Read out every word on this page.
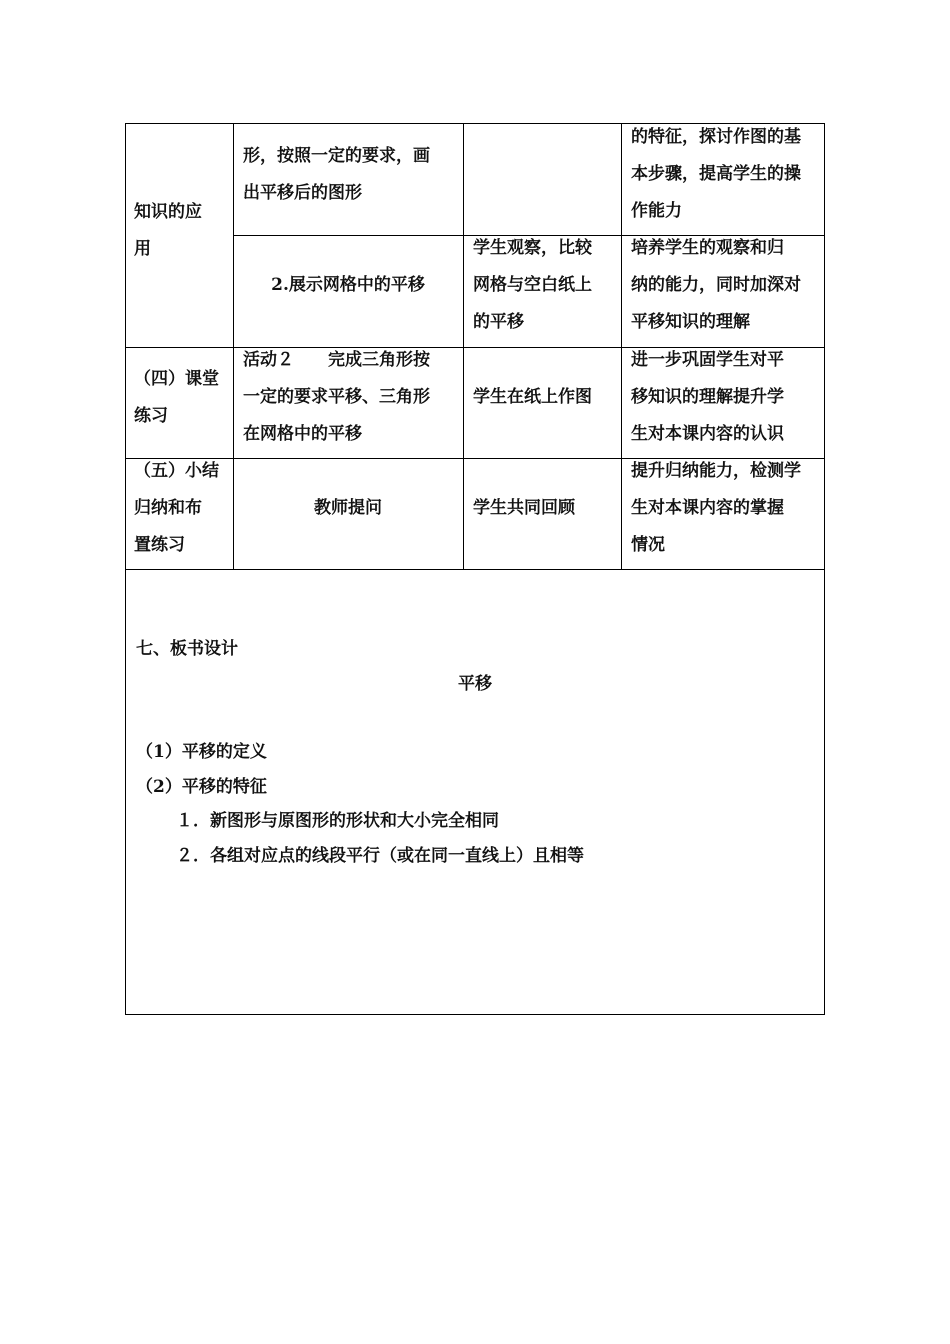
知识的应
用
形，按照一定的要求，画
出平移后的图形
的特征，探讨作图的基
本步骤，提高学生的操
作能力
2.展示网格中的平移
学生观察，比较
网格与空白纸上
的平移
培养学生的观察和归
纳的能力，同时加深对
平移知识的理解
（四）课堂
练习
活动２　　完成三角形按
一定的要求平移、三角形
在网格中的平移
学生在纸上作图
进一步巩固学生对平
移知识的理解提升学
生对本课内容的认识
（五）小结
归纳和布
置练习
教师提问	学生共同回顾
提升归纳能力，检测学
生对本课内容的掌握
情况
七、板书设计
平移
（1）平移的定义
（2）平移的特征
１．新图形与原图形的形状和大小完全相同
２．各组对应点的线段平行（或在同一直线上）且相等
